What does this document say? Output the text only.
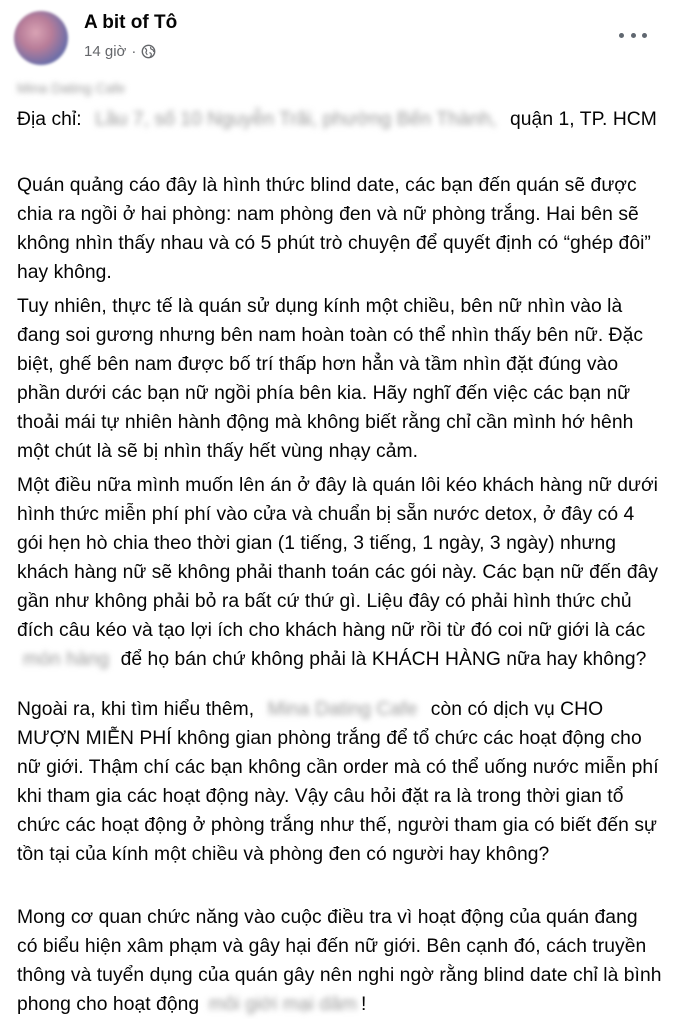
A bit of Tô
14 giờ ·
Mina Dating Cafe

Địa chỉ: Lầu 7, số 10 Nguyễn Trãi, phường Bến Thành, quận 1, TP. HCM

Quán quảng cáo đây là hình thức blind date, các bạn đến quán sẽ được chia ra ngồi ở hai phòng: nam phòng đen và nữ phòng trắng. Hai bên sẽ không nhìn thấy nhau và có 5 phút trò chuyện để quyết định có “ghép đôi” hay không.

Tuy nhiên, thực tế là quán sử dụng kính một chiều, bên nữ nhìn vào là đang soi gương nhưng bên nam hoàn toàn có thể nhìn thấy bên nữ. Đặc biệt, ghế bên nam được bố trí thấp hơn hẳn và tầm nhìn đặt đúng vào phần dưới các bạn nữ ngồi phía bên kia. Hãy nghĩ đến việc các bạn nữ thoải mái tự nhiên hành động mà không biết rằng chỉ cần mình hớ hênh một chút là sẽ bị nhìn thấy hết vùng nhạy cảm.

Một điều nữa mình muốn lên án ở đây là quán lôi kéo khách hàng nữ dưới hình thức miễn phí phí vào cửa và chuẩn bị sẵn nước detox, ở đây có 4 gói hẹn hò chia theo thời gian (1 tiếng, 3 tiếng, 1 ngày, 3 ngày) nhưng khách hàng nữ sẽ không phải thanh toán các gói này. Các bạn nữ đến đây gần như không phải bỏ ra bất cứ thứ gì. Liệu đây có phải hình thức chủ đích câu kéo và tạo lợi ích cho khách hàng nữ rồi từ đó coi nữ giới là các món hàng để họ bán chứ không phải là KHÁCH HÀNG nữa hay không?

Ngoài ra, khi tìm hiểu thêm, Mina Dating Cafe còn có dịch vụ CHO MƯỢN MIỄN PHÍ không gian phòng trắng để tổ chức các hoạt động cho nữ giới. Thậm chí các bạn không cần order mà có thể uống nước miễn phí khi tham gia các hoạt động này. Vậy câu hỏi đặt ra là trong thời gian tổ chức các hoạt động ở phòng trắng như thế, người tham gia có biết đến sự tồn tại của kính một chiều và phòng đen có người hay không?

Mong cơ quan chức năng vào cuộc điều tra vì hoạt động của quán đang có biểu hiện xâm phạm và gây hại đến nữ giới. Bên cạnh đó, cách truyền thông và tuyển dụng của quán gây nên nghi ngờ rằng blind date chỉ là bình phong cho hoạt động môi giới mại dâm !
